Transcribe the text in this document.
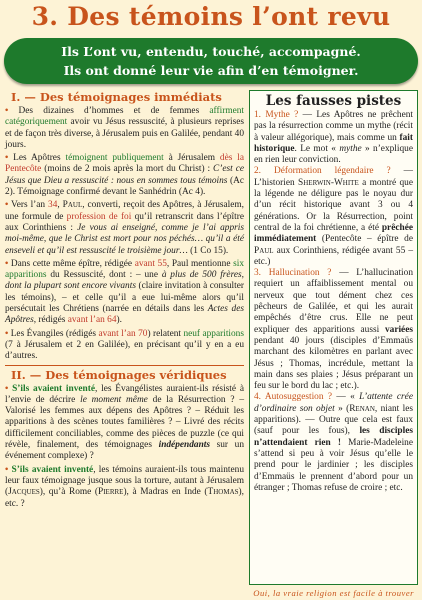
3. Des témoins l’ont revu
Ils L’ont vu, entendu, touché, accompagné.
Ils ont donné leur vie afin d’en témoigner.
I. — Des témoignages immédiats

• Des dizaines d’hommes et de femmes affirment catégoriquement avoir vu Jésus ressuscité, à plusieurs reprises et de façon très diverse, à Jérusalem puis en Galilée, pendant 40 jours.

• Les Apôtres témoignent publiquement à Jérusalem dès la Pentecôte (moins de 2 mois après la mort du Christ) : C’est ce Jésus que Dieu a ressuscité : nous en sommes tous témoins (Ac 2). Témoignage confirmé devant le Sanhédrin (Ac 4).

• Vers l’an 34, Paul, converti, reçoit des Apôtres, à Jérusalem, une formule de profession de foi qu’il retranscrit dans l’épître aux Corinthiens : Je vous ai enseigné, comme je l’ai appris moi-même, que le Christ est mort pour nos péchés… qu’il a été enseveli et qu’il est ressuscité le troisième jour… (1 Co 15).

• Dans cette même épître, rédigée avant 55, Paul mentionne six apparitions du Ressuscité, dont : – une à plus de 500 frères, dont la plupart sont encore vivants (claire invitation à consulter les témoins), – et celle qu’il a eue lui-même alors qu’il persécutait les Chrétiens (narrée en détails dans les Actes des Apôtres, rédigés avant l’an 64).

• Les Évangiles (rédigés avant l’an 70) relatent neuf apparitions (7 à Jérusalem et 2 en Galilée), en précisant qu’il y en a eu d’autres.

II. — Des témoignages véridiques

• S’ils avaient inventé, les Évangélistes auraient-ils résisté à l’envie de décrire le moment même de la Résurrection ? – Valorisé les femmes aux dépens des Apôtres ? – Réduit les apparitions à des scènes toutes familières ? – Livré des récits difficilement conciliables, comme des pièces de puzzle (ce qui révèle, finalement, des témoignages indépendants sur un événement complexe) ?

• S’ils avaient inventé, les témoins auraient-ils tous maintenu leur faux témoignage jusque sous la torture, autant à Jérusalem (Jacques), qu’à Rome (Pierre), à Madras en Inde (Thomas), etc. ?

Les fausses pistes

1. Mythe ? — Les Apôtres ne prêchent pas la résurrection comme un mythe (récit à valeur allégorique), mais comme un fait historique. Le mot « mythe » n’explique en rien leur conviction.

2. Déformation légendaire ? — L’historien Sherwin-White a montré que la légende ne déligure pas le noyau dur d’un récit historique avant 3 ou 4 générations. Or la Résurrection, point central de la foi chrétienne, a été prêchée immédiatement (Pentecôte – épître de Paul aux Corinthiens, rédigée avant 55 – etc.)

3. Hallucination ? — L’hallucination requiert un affaiblissement mental ou nerveux que tout dément chez ces pêcheurs de Galilée, et qui les aurait empêchés d’être crus. Elle ne peut expliquer des apparitions aussi variées pendant 40 jours (disciples d’Emmaüs marchant des kilomètres en parlant avec Jésus ; Thomas, incrédule, mettant la main dans ses plaies ; Jésus préparant un feu sur le bord du lac ; etc.).

4. Autosuggestion ? — « L’attente crée d’ordinaire son objet » (Renan, niant les apparitions). — Outre que cela est faux (sauf pour les fous), les disciples n’attendaient rien ! Marie-Madeleine s’attend si peu à voir Jésus qu’elle le prend pour le jardinier ; les disciples d’Emmaüs le prennent d’abord pour un étranger ; Thomas refuse de croire ; etc.

Oui, la vraie religion est facile à trouver
